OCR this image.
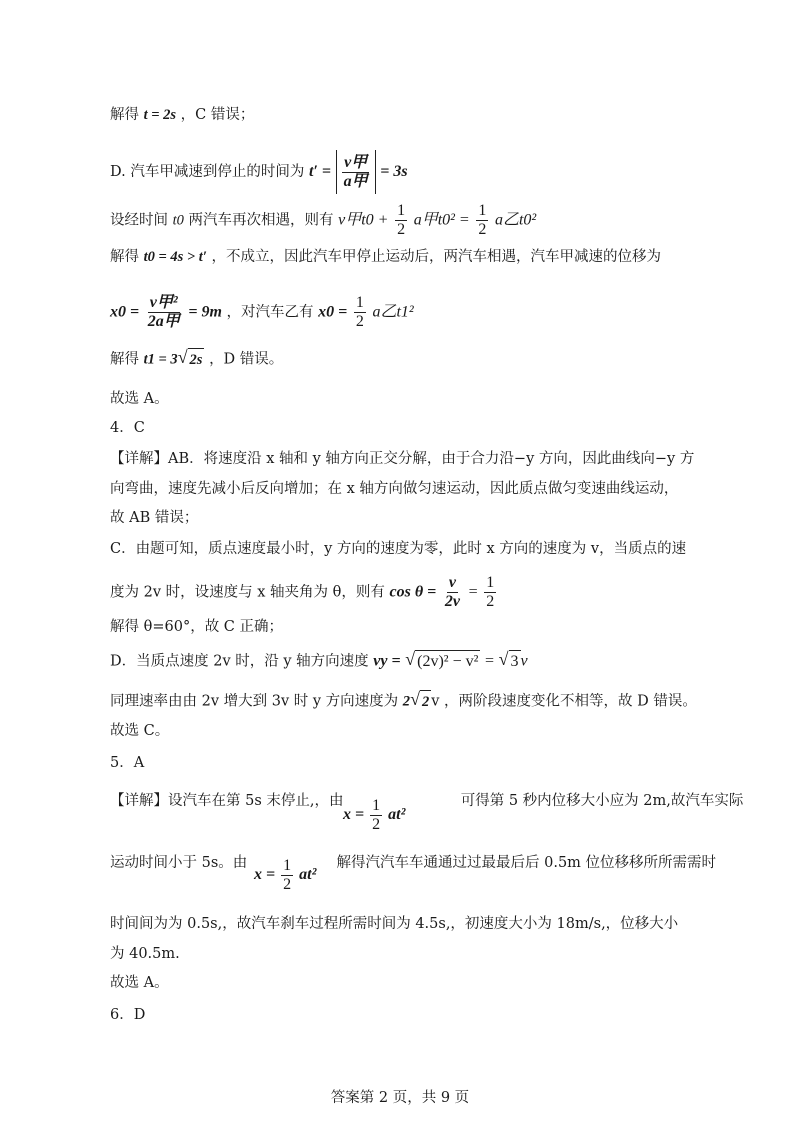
解得 t = 2s ，C 错误；
D. 汽车甲减速到停止的时间为 $t' = \frac{\text{v甲}}{\text{a甲}} = 3s$
设经时间 t0 两汽车再次相遇，则有 v甲$t0 + \frac{1}{2}$ a甲$t0^2 = \frac{1}{2}$ a乙t0²
解得 t0 = 4s > t′ ，不成立，因此汽车甲停止运动后，两汽车相遇，汽车甲减速的位移为
$x0 = \frac{\text{v甲²}}{\text{2a甲}} = 9m$ ，对汽车乙有 $x0 = \frac{1}{2}$ a乙t1²
解得 t1 = 3 √ 2s ，D 错误。
故选 A。
4．C
【详解】AB．将速度沿 x 轴和 y 轴方向正交分解，由于合力沿−y 方向，因此曲线向−y 方
向弯曲，速度先减小后反向增加；在 x 轴方向做匀速运动，因此质点做匀变速曲线运动，
故 AB 错误；
C．由题可知，质点速度最小时，y 方向的速度为零，此时 x 方向的速度为 v，当质点的速
度为 2v 时，设速度与 x 轴夹角为 θ，则有 $\cos \theta = \frac{v}{2v} = \frac{1}{2}$
解得 θ=60°，故 C 正确；
D．当质点速度 2v 时，沿 y 轴方向速度 vy = √ (2v)² − v² = √ 3 v
同理速率由由 2v 增大到 3v 时 y 方向速度为 2 √ 2 v ，两阶段速度变化不相等，故 D 错误。
故选 C。
5．A
【详解】设汽车在第 5s 末停止,，由	可得第 5 秒内位移大小应为 2m,故汽车实际
$x = \frac{1}{2} at^2$
运动时间小于 5s。由	解得汽汽车车通通过过最最后后 0.5m 位位移移所所需需时
$x = \frac{1}{2} at^2$
时间间为为 0.5s,，故汽车刹车过程所需时间为 4.5s,，初速度大小为 18m/s,，位移大小
为 40.5m.
故选 A。
6．D
答案第 2 页，共 9 页
